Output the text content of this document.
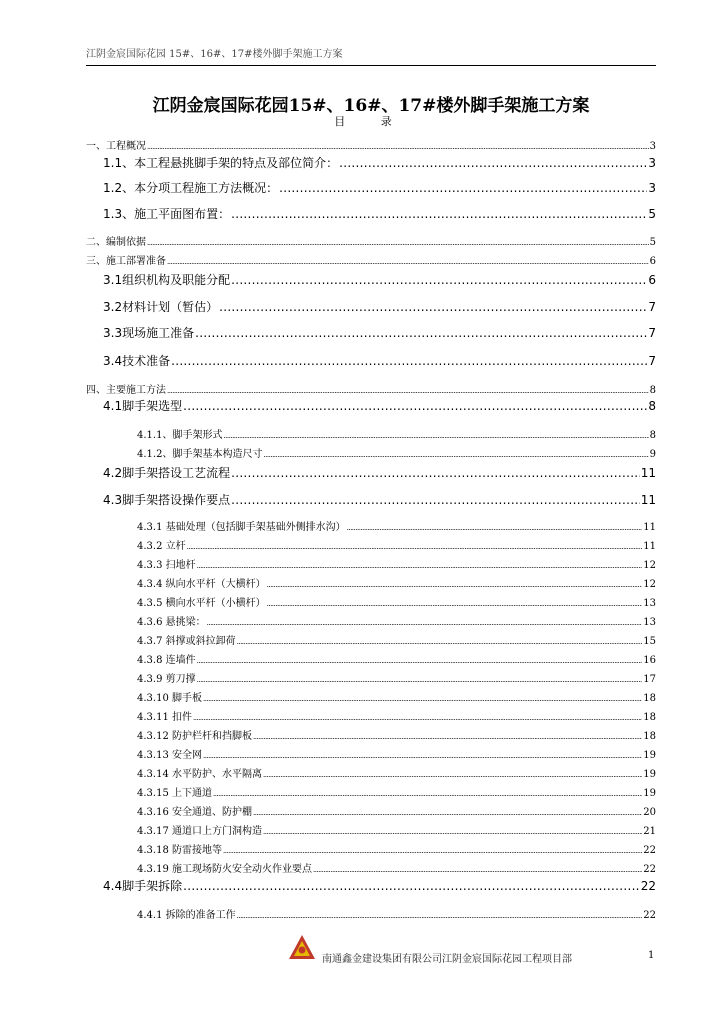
江阴金宸国际花园 15#、16#、17#楼外脚手架施工方案
江阴金宸国际花园15#、16#、17#楼外脚手架施工方案
目 录
一、工程概况 .....	3
1.1、本工程悬挑脚手架的特点及部位简介： .....	3
1.2、本分项工程施工方法概况： .....	3
1.3、施工平面图布置： .....	5
二、编制依据 .....	5
三、施工部署准备 .....	6
3.1组织机构及职能分配 .....	6
3.2材料计划（暂估） .....	7
3.3现场施工准备 .....	7
3.4技术准备 .....	7
四、主要施工方法 .....	8
4.1脚手架选型 .....	8
4.1.1、脚手架形式 .....	8
4.1.2、脚手架基本构造尺寸 .....	9
4.2脚手架搭设工艺流程 .....	11
4.3脚手架搭设操作要点 .....	11
4.3.1 基础处理（包括脚手架基础外侧排水沟） .....	11
4.3.2 立杆 .....	11
4.3.3 扫地杆 .....	12
4.3.4 纵向水平杆（大横杆） .....	12
4.3.5 横向水平杆（小横杆） .....	13
4.3.6 悬挑梁： .....	13
4.3.7 斜撑或斜拉卸荷 .....	15
4.3.8 连墙件 .....	16
4.3.9 剪刀撑 .....	17
4.3.10 脚手板 .....	18
4.3.11 扣件 .....	18
4.3.12 防护栏杆和挡脚板 .....	18
4.3.13 安全网 .....	19
4.3.14 水平防护、水平隔离 .....	19
4.3.15 上下通道 .....	19
4.3.16 安全通道、防护棚 .....	20
4.3.17 通道口上方门洞构造 .....	21
4.3.18 防雷接地等 .....	22
4.3.19 施工现场防火安全动火作业要点 .....	22
4.4脚手架拆除 .....	22
4.4.1 拆除的准备工作 .....	22
南通鑫金建设集团有限公司江阴金宸国际花园工程项目部	1
